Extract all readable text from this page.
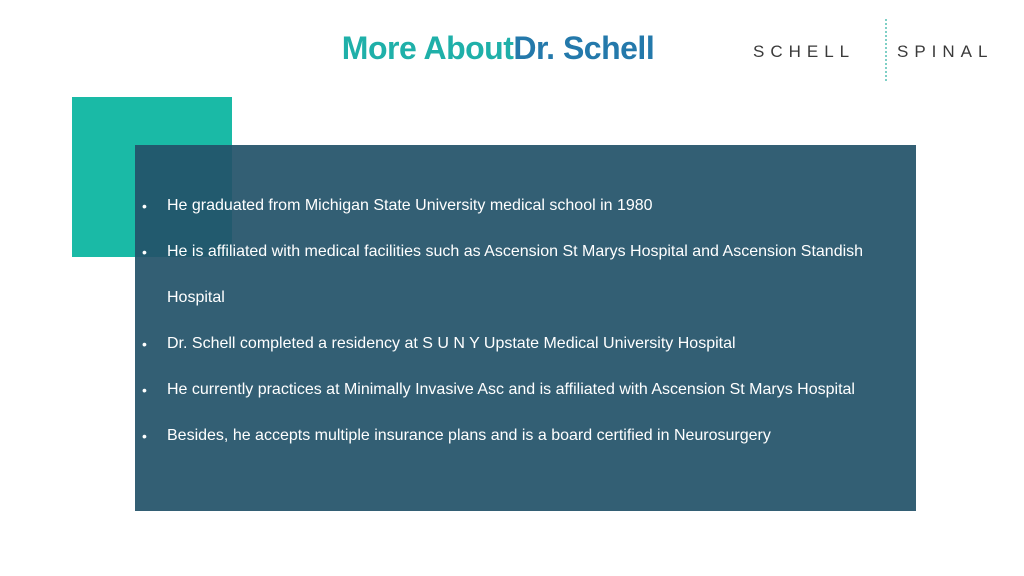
More AboutDr. Schell	SCHELL SPINAL
• He graduated from Michigan State University medical school in 1980
• He is affiliated with medical facilities such as Ascension St Marys Hospital and Ascension Standish Hospital
• Dr. Schell completed a residency at S U N Y Upstate Medical University Hospital
• He currently practices at Minimally Invasive Asc and is affiliated with Ascension St Marys Hospital
• Besides, he accepts multiple insurance plans and is a board certified in Neurosurgery
